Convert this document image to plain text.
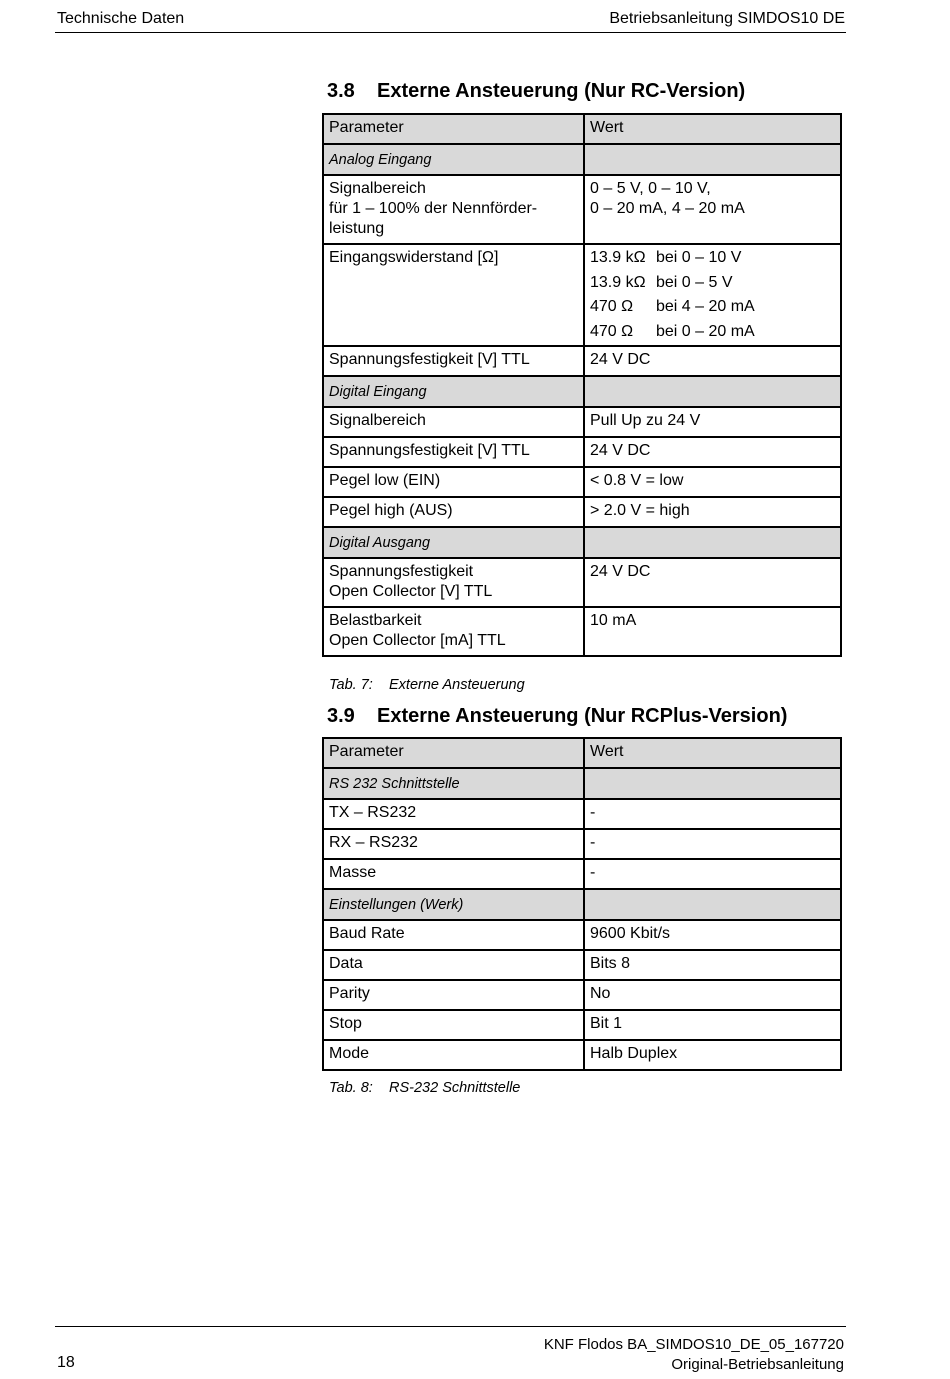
Technische Daten	Betriebsanleitung SIMDOS10 DE
3.8 Externe Ansteuerung (Nur RC-Version)
Parameter	Wert
Analog Eingang	

Signalbereich
für 1 – 100% der Nennförder-
leistung	0 – 5 V, 0 – 10 V,
0 – 20 mA, 4 – 20 mA

Eingangswiderstand [Ω]	13.9 kΩ bei 0 – 10 V
13.9 kΩ bei 0 – 5 V
470 Ω bei 4 – 20 mA
470 Ω bei 0 – 20 mA

Spannungsfestigkeit [V] TTL	24 V DC
Digital Eingang	
Signalbereich	Pull Up zu 24 V
Spannungsfestigkeit [V] TTL	24 V DC
Pegel low (EIN)	< 0.8 V = low
Pegel high (AUS)	> 2.0 V = high
Digital Ausgang	

Spannungsfestigkeit
Open Collector [V] TTL	24 V DC

Belastbarkeit
Open Collector [mA] TTL	10 mA
Tab. 7: Externe Ansteuerung
3.9 Externe Ansteuerung (Nur RCPlus-Version)
Parameter	Wert
RS 232 Schnittstelle	
TX – RS232	-
RX – RS232	-
Masse	-
Einstellungen (Werk)	
Baud Rate	9600 Kbit/s
Data	Bits 8
Parity	No
Stop	Bit 1
Mode	Halb Duplex
Tab. 8: RS-232 Schnittstelle
18
KNF Flodos BA_SIMDOS10_DE_05_167720
Original-Betriebsanleitung
